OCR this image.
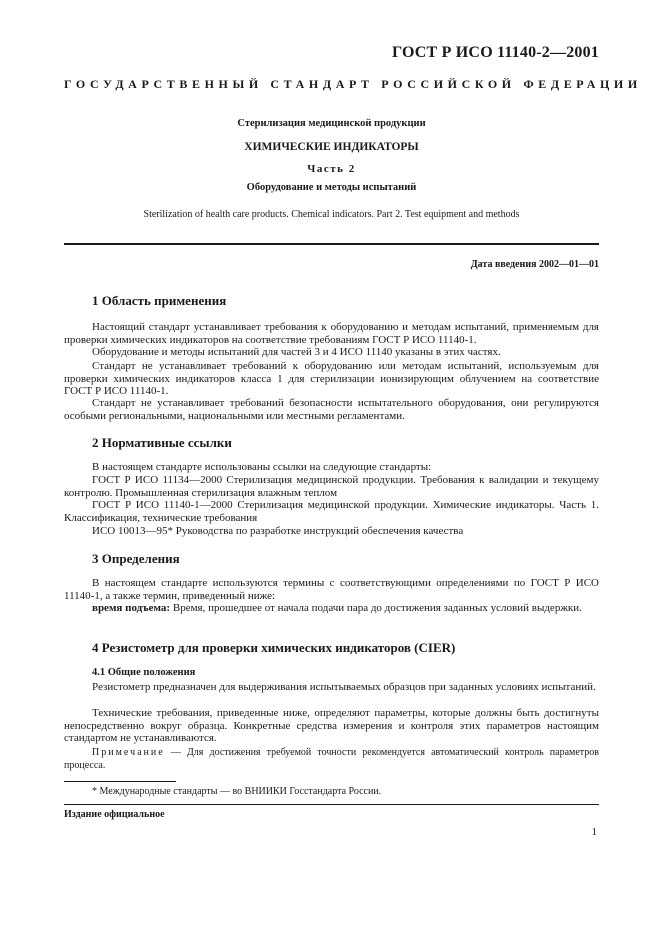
ГОСТ Р ИСО 11140-2—2001
ГОСУДАРСТВЕННЫЙ СТАНДАРТ РОССИЙСКОЙ ФЕДЕРАЦИИ
Стерилизация медицинской продукции
ХИМИЧЕСКИЕ ИНДИКАТОРЫ
Часть 2
Оборудование и методы испытаний
Sterilization of health care products. Chemical indicators. Part 2. Test equipment and methods
Дата введения 2002—01—01
1 Область применения
Настоящий стандарт устанавливает требования к оборудованию и методам испытаний, применяемым для проверки химических индикаторов на соответствие требованиям ГОСТ Р ИСО 11140-1.
Оборудование и методы испытаний для частей 3 и 4 ИСО 11140 указаны в этих частях.
Стандарт не устанавливает требований к оборудованию или методам испытаний, используемым для проверки химических индикаторов класса 1 для стерилизации ионизирующим облучением на соответствие ГОСТ Р ИСО 11140-1.
Стандарт не устанавливает требований безопасности испытательного оборудования, они регулируются особыми региональными, национальными или местными регламентами.
2 Нормативные ссылки
В настоящем стандарте использованы ссылки на следующие стандарты:
ГОСТ Р ИСО 11134—2000 Стерилизация медицинской продукции. Требования к валидации и текущему контролю. Промышленная стерилизация влажным теплом
ГОСТ Р ИСО 11140-1—2000 Стерилизация медицинской продукции. Химические индикаторы. Часть 1. Классификация, технические требования
ИСО 10013—95* Руководства по разработке инструкций обеспечения качества
3 Определения
В настоящем стандарте используются термины с соответствующими определениями по ГОСТ Р ИСО 11140-1, а также термин, приведенный ниже:
время подъема: Время, прошедшее от начала подачи пара до достижения заданных условий выдержки.
4 Резистометр для проверки химических индикаторов (CIER)
4.1 Общие положения
Резистометр предназначен для выдерживания испытываемых образцов при заданных условиях испытаний.
Технические требования, приведенные ниже, определяют параметры, которые должны быть достигнуты непосредственно вокруг образца. Конкретные средства измерения и контроля этих параметров настоящим стандартом не устанавливаются.
Примечание — Для достижения требуемой точности рекомендуется автоматический контроль параметров процесса.
* Международные стандарты — во ВНИИКИ Госстандарта России.
Издание официальное
1
